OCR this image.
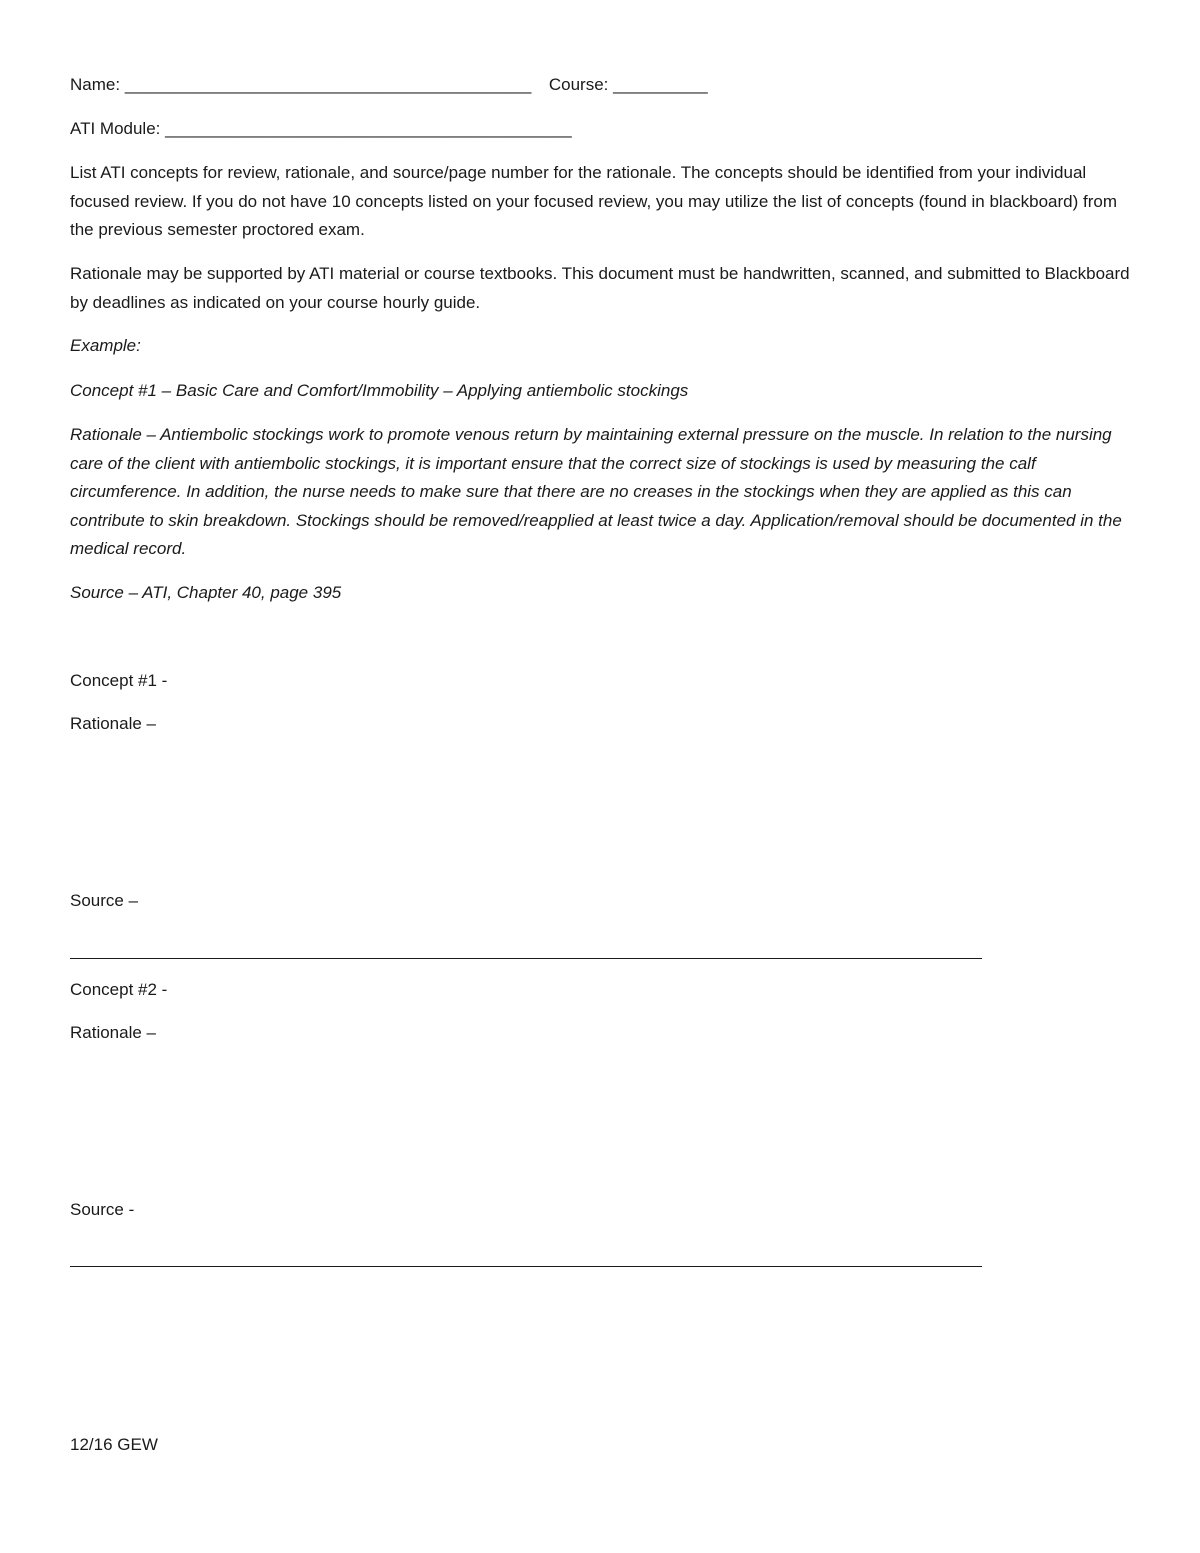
Name: ___________________________________________ Course: __________
ATI Module: ___________________________________________
List ATI concepts for review, rationale, and source/page number for the rationale. The concepts should be identified from your individual focused review. If you do not have 10 concepts listed on your focused review, you may utilize the list of concepts (found in blackboard) from the previous semester proctored exam.
Rationale may be supported by ATI material or course textbooks. This document must be handwritten, scanned, and submitted to Blackboard by deadlines as indicated on your course hourly guide.
Example:
Concept #1 – Basic Care and Comfort/Immobility – Applying antiembolic stockings
Rationale – Antiembolic stockings work to promote venous return by maintaining external pressure on the muscle. In relation to the nursing care of the client with antiembolic stockings, it is important ensure that the correct size of stockings is used by measuring the calf circumference. In addition, the nurse needs to make sure that there are no creases in the stockings when they are applied as this can contribute to skin breakdown. Stockings should be removed/reapplied at least twice a day. Application/removal should be documented in the medical record.
Source – ATI, Chapter 40, page 395
Concept #1 -
Rationale –
Source –
Concept #2 -
Rationale –
Source -
12/16 GEW
